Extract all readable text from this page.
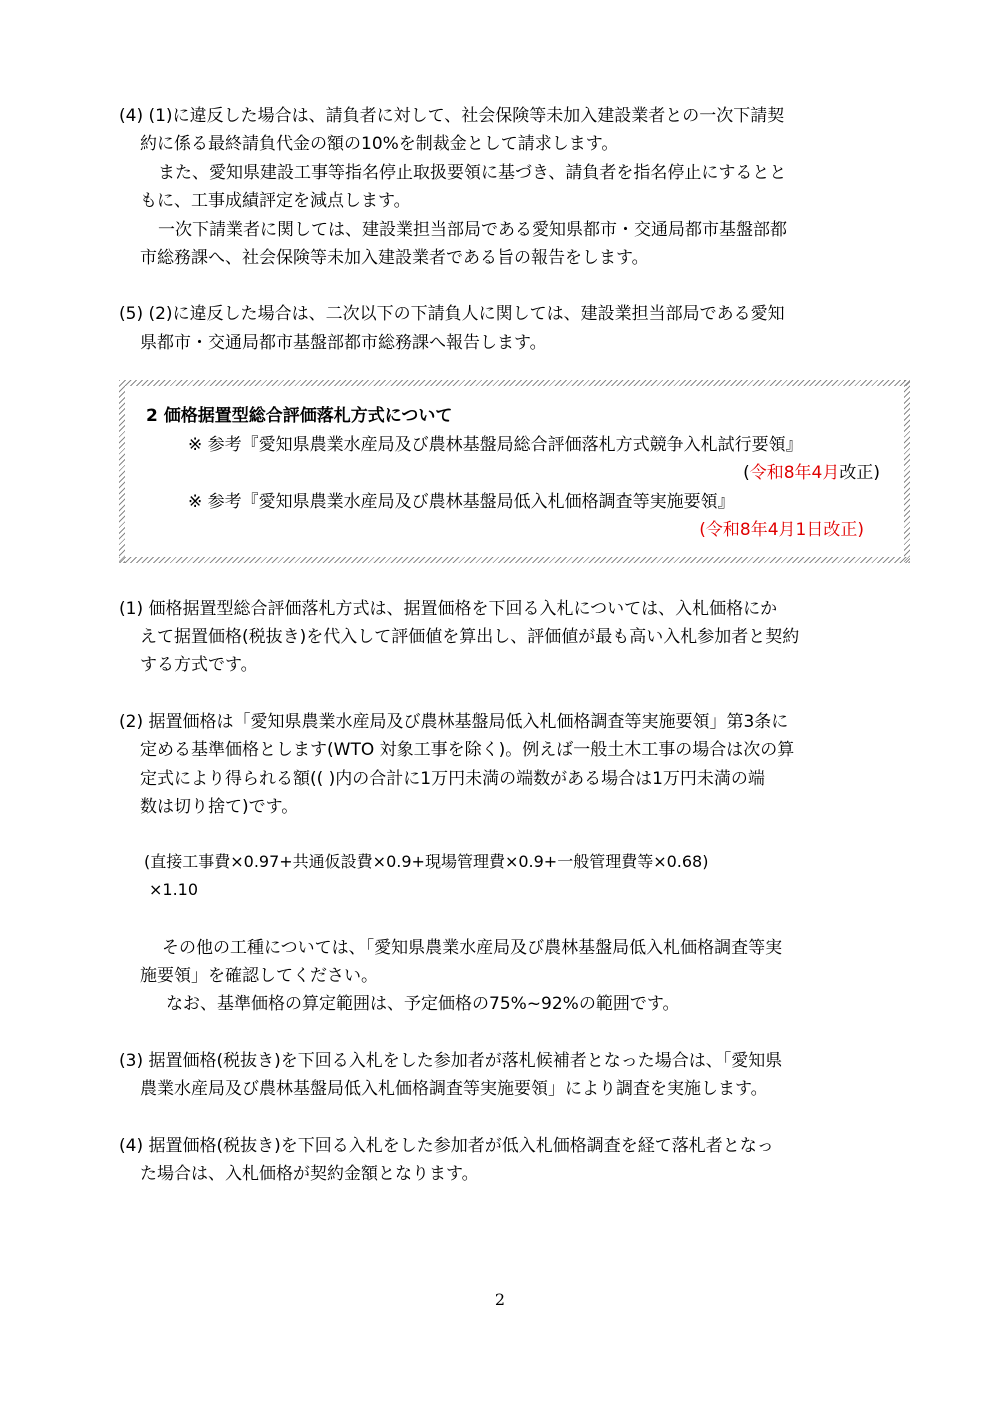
(4) (1)に違反した場合は、請負者に対して、社会保険等未加入建設業者との一次下請契
約に係る最終請負代金の額の10%を制裁金として請求します。
また、愛知県建設工事等指名停止取扱要領に基づき、請負者を指名停止にするとと
もに、工事成績評定を減点します。
一次下請業者に関しては、建設業担当部局である愛知県都市・交通局都市基盤部都
市総務課へ、社会保険等未加入建設業者である旨の報告をします。
(5) (2)に違反した場合は、二次以下の下請負人に関しては、建設業担当部局である愛知
県都市・交通局都市基盤部都市総務課へ報告します。
2 価格据置型総合評価落札方式について
※ 参考『愛知県農業水産局及び農林基盤局総合評価落札方式競争入札試行要領』
(令和8年4月改正)
※ 参考『愛知県農業水産局及び農林基盤局低入札価格調査等実施要領』
(令和8年4月1日改正)
(1) 価格据置型総合評価落札方式は、据置価格を下回る入札については、入札価格にか
えて据置価格(税抜き)を代入して評価値を算出し、評価値が最も高い入札参加者と契約
する方式です。
(2) 据置価格は「愛知県農業水産局及び農林基盤局低入札価格調査等実施要領」第3条に
定める基準価格とします(WTO 対象工事を除く)。例えば一般土木工事の場合は次の算
定式により得られる額(( )内の合計に1万円未満の端数がある場合は1万円未満の端
数は切り捨て)です。
(直接工事費×0.97+共通仮設費×0.9+現場管理費×0.9+一般管理費等×0.68)
×1.10
その他の工種については、「愛知県農業水産局及び農林基盤局低入札価格調査等実
施要領」を確認してください。
なお、基準価格の算定範囲は、予定価格の75%~92%の範囲です。
(3) 据置価格(税抜き)を下回る入札をした参加者が落札候補者となった場合は、「愛知県
農業水産局及び農林基盤局低入札価格調査等実施要領」により調査を実施します。
(4) 据置価格(税抜き)を下回る入札をした参加者が低入札価格調査を経て落札者となっ
た場合は、入札価格が契約金額となります。
2
